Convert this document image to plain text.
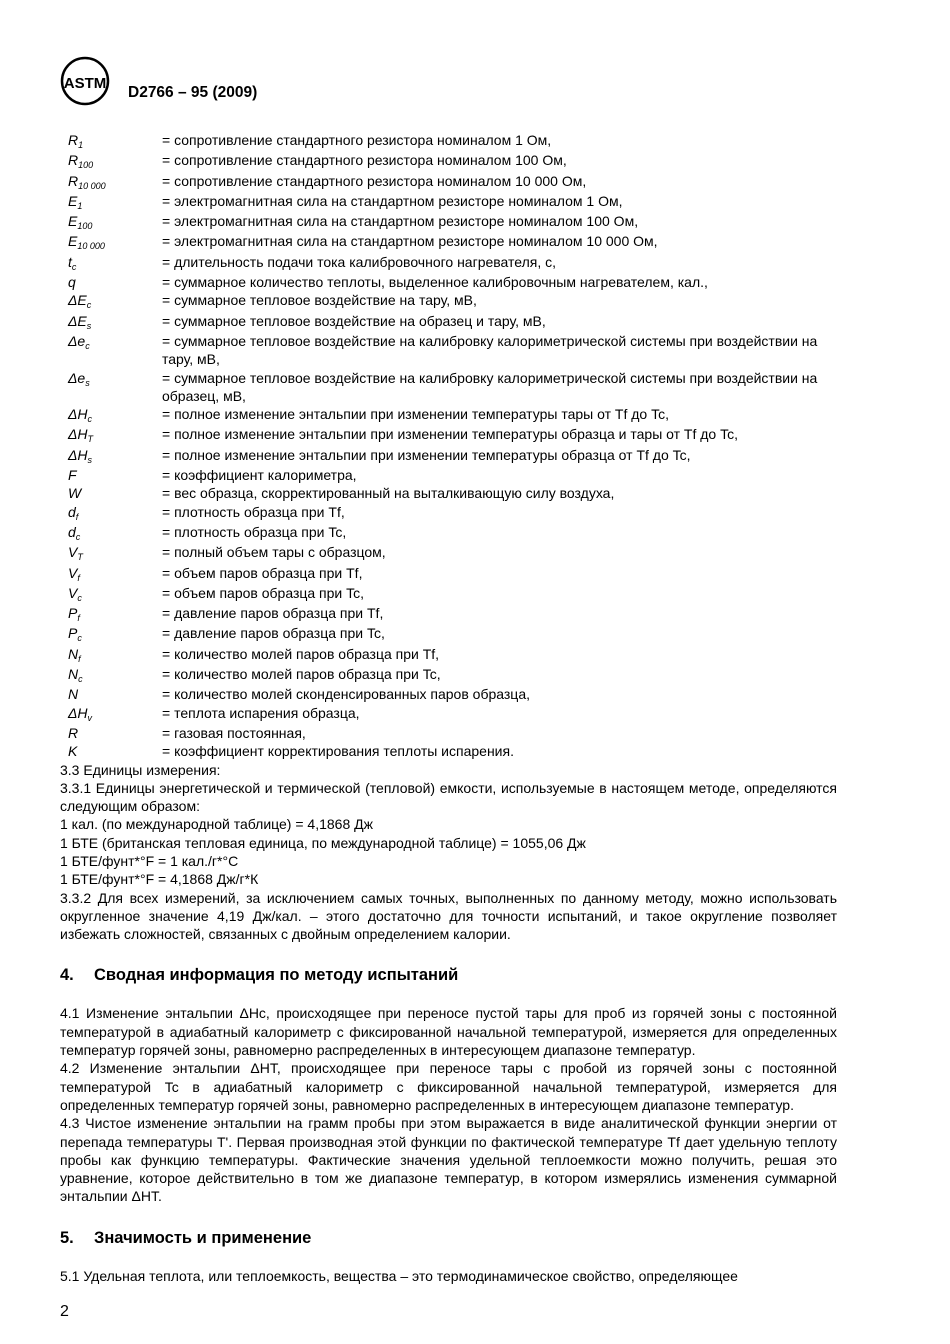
ASTM
D2766 – 95 (2009)
$R_1$	= сопротивление стандартного резистора номиналом 1 Ом,
$R_{100}$	= сопротивление стандартного резистора номиналом 100 Ом,
$R_{10 000}$	= сопротивление стандартного резистора номиналом 10 000 Ом,
$E_1$	= электромагнитная сила на стандартном резисторе номиналом 1 Ом,
$E_{100}$	= электромагнитная сила на стандартном резисторе номиналом 100 Ом,
$E_{10 000}$	= электромагнитная сила на стандартном резисторе номиналом 10 000 Ом,
$t_c$	= длительность подачи тока калибровочного нагревателя, с,
q	= суммарное количество теплоты, выделенное калибровочным нагревателем, кал.,
$\Delta E_c$	= суммарное тепловое воздействие на тару, мВ,
$\Delta E_s$	= суммарное тепловое воздействие на образец и тару, мВ,
$\Delta e_c$	= суммарное тепловое воздействие на калибровку калориметрической системы при воздействии на тару, мВ,
$\Delta e_s$	= суммарное тепловое воздействие на калибровку калориметрической системы при воздействии на образец, мВ,
$\Delta H_c$	= полное изменение энтальпии при изменении температуры тары от Tf до Tc,
$\Delta H_T$	= полное изменение энтальпии при изменении температуры образца и тары от Tf до Tc,
$\Delta H_s$	= полное изменение энтальпии при изменении температуры образца от Tf до Tc,
F	= коэффициент калориметра,
W	= вес образца, скорректированный на выталкивающую силу воздуха,
$d_f$	= плотность образца при Tf,
$d_c$	= плотность образца при Tc,
$V_T$	= полный объем тары с образцом,
$V_f$	= объем паров образца при Tf,
$V_c$	= объем паров образца при Tc,
$P_f$	= давление паров образца при Tf,
$P_c$	= давление паров образца при Tc,
$N_f$	= количество молей паров образца при Tf,
$N_c$	= количество молей паров образца при Tc,
N	= количество молей сконденсированных паров образца,
$\Delta H_v$	= теплота испарения образца,
R	= газовая постоянная,
K	= коэффициент корректирования теплоты испарения.

3.3 Единицы измерения:

3.3.1 Единицы энергетической и термической (тепловой) емкости, используемые в настоящем методе, определяются следующим образом:

1 кал. (по международной таблице) = 4,1868 Дж

1 БТЕ (британская тепловая единица, по международной таблице) = 1055,06 Дж

1 БТЕ/фунт*°F = 1 кал./г*°C

1 БТЕ/фунт*°F = 4,1868 Дж/г*К

3.3.2 Для всех измерений, за исключением самых точных, выполненных по данному методу, можно использовать округленное значение 4,19 Дж/кал. – этого достаточно для точности испытаний, и такое округление позволяет избежать сложностей, связанных с двойным определением калории.

4. Сводная информация по методу испытаний

4.1 Изменение энтальпии ΔHc, происходящее при переносе пустой тары для проб из горячей зоны с постоянной температурой в адиабатный калориметр с фиксированной начальной температурой, измеряется для определенных температур горячей зоны, равномерно распределенных в интересующем диапазоне температур.

4.2 Изменение энтальпии ΔHT, происходящее при переносе тары с пробой из горячей зоны с постоянной температурой Tc в адиабатный калориметр с фиксированной начальной температурой, измеряется для определенных температур горячей зоны, равномерно распределенных в интересующем диапазоне температур.

4.3 Чистое изменение энтальпии на грамм пробы при этом выражается в виде аналитической функции энергии от перепада температуры T'. Первая производная этой функции по фактической температуре Tf дает удельную теплоту пробы как функцию температуры. Фактические значения удельной теплоемкости можно получить, решая это уравнение, которое действительно в том же диапазоне температур, в котором измерялись изменения суммарной энтальпии ΔHT.

5. Значимость и применение

5.1 Удельная теплота, или теплоемкость, вещества – это термодинамическое свойство, определяющее

2
